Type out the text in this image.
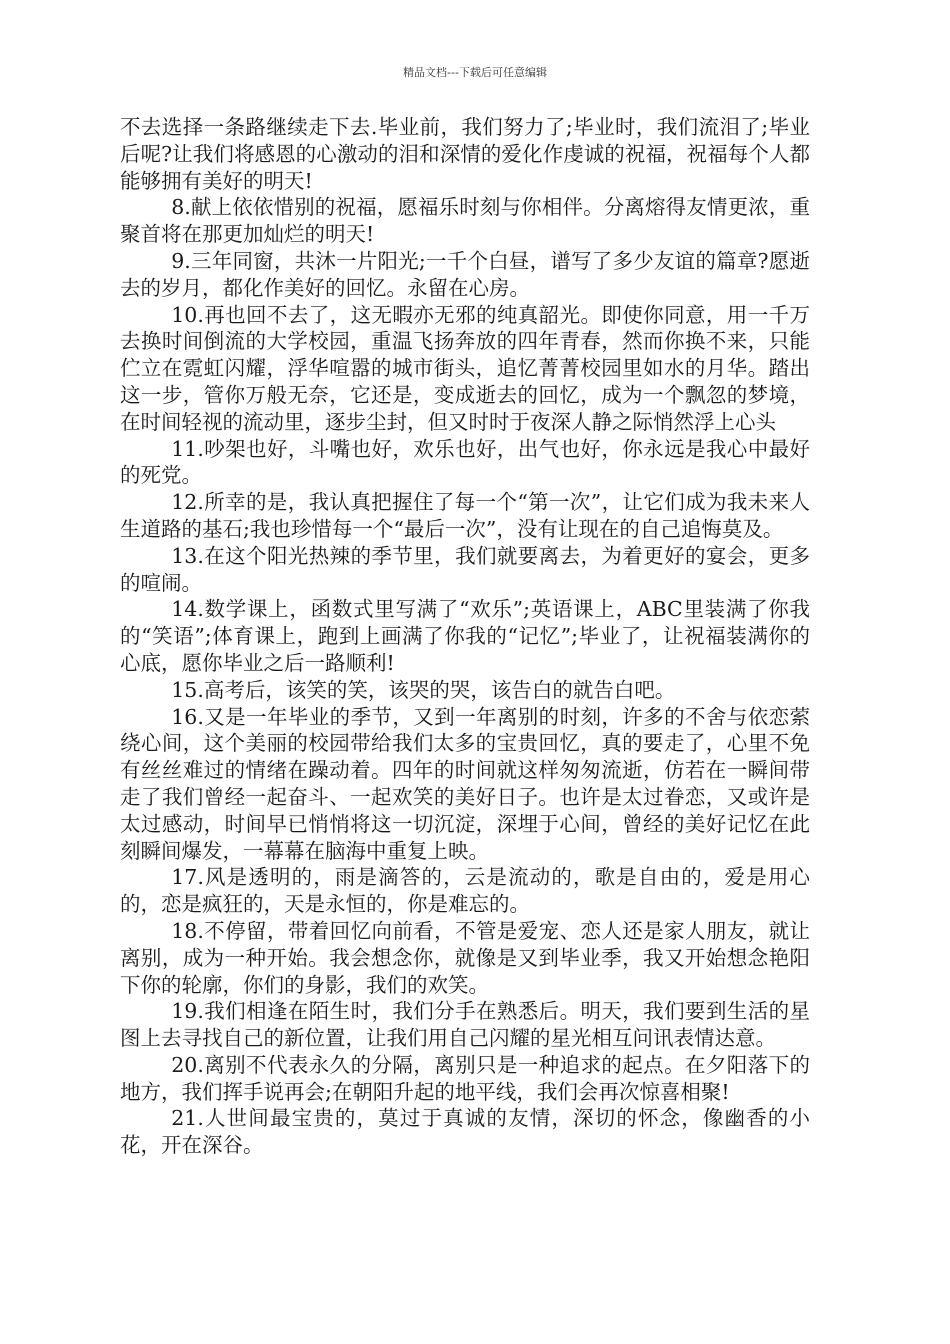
精品文档---下载后可任意编辑

不去选择一条路继续走下去.毕业前，我们努力了;毕业时，我们流泪了;毕业后呢?让我们将感恩的心激动的泪和深情的爱化作虔诚的祝福，祝福每个人都能够拥有美好的明天!

8.献上依依惜别的祝福，愿福乐时刻与你相伴。分离熔得友情更浓，重聚首将在那更加灿烂的明天!

9.三年同窗，共沐一片阳光;一千个白昼，谱写了多少友谊的篇章?愿逝去的岁月，都化作美好的回忆。永留在心房。

10.再也回不去了，这无暇亦无邪的纯真韶光。即使你同意，用一千万去换时间倒流的大学校园，重温飞扬奔放的四年青春，然而你换不来，只能伫立在霓虹闪耀，浮华喧嚣的城市街头，追忆菁菁校园里如水的月华。踏出这一步，管你万般无奈，它还是，变成逝去的回忆，成为一个飘忽的梦境，在时间轻视的流动里，逐步尘封，但又时时于夜深人静之际悄然浮上心头

11.吵架也好，斗嘴也好，欢乐也好，出气也好，你永远是我心中最好的死党。

12.所幸的是，我认真把握住了每一个“第一次”，让它们成为我未来人生道路的基石;我也珍惜每一个“最后一次”，没有让现在的自己追悔莫及。

13.在这个阳光热辣的季节里，我们就要离去，为着更好的宴会，更多的喧闹。

14.数学课上，函数式里写满了“欢乐”;英语课上，ABC里装满了你我的“笑语”;体育课上，跑到上画满了你我的“记忆”;毕业了，让祝福装满你的心底，愿你毕业之后一路顺利!

15.高考后，该笑的笑，该哭的哭，该告白的就告白吧。

16.又是一年毕业的季节，又到一年离别的时刻，许多的不舍与依恋萦绕心间，这个美丽的校园带给我们太多的宝贵回忆，真的要走了，心里不免有丝丝难过的情绪在躁动着。四年的时间就这样匆匆流逝，仿若在一瞬间带走了我们曾经一起奋斗、一起欢笑的美好日子。也许是太过眷恋，又或许是太过感动，时间早已悄悄将这一切沉淀，深埋于心间，曾经的美好记忆在此刻瞬间爆发，一幕幕在脑海中重复上映。

17.风是透明的，雨是滴答的，云是流动的，歌是自由的，爱是用心的，恋是疯狂的，天是永恒的，你是难忘的。

18.不停留，带着回忆向前看，不管是爱宠、恋人还是家人朋友，就让离别，成为一种开始。我会想念你，就像是又到毕业季，我又开始想念艳阳下你的轮廓，你们的身影，我们的欢笑。

19.我们相逢在陌生时，我们分手在熟悉后。明天，我们要到生活的星图上去寻找自己的新位置，让我们用自己闪耀的星光相互问讯表情达意。

20.离别不代表永久的分隔，离别只是一种追求的起点。在夕阳落下的地方，我们挥手说再会;在朝阳升起的地平线，我们会再次惊喜相聚!

21.人世间最宝贵的，莫过于真诚的友情，深切的怀念，像幽香的小花，开在深谷。
